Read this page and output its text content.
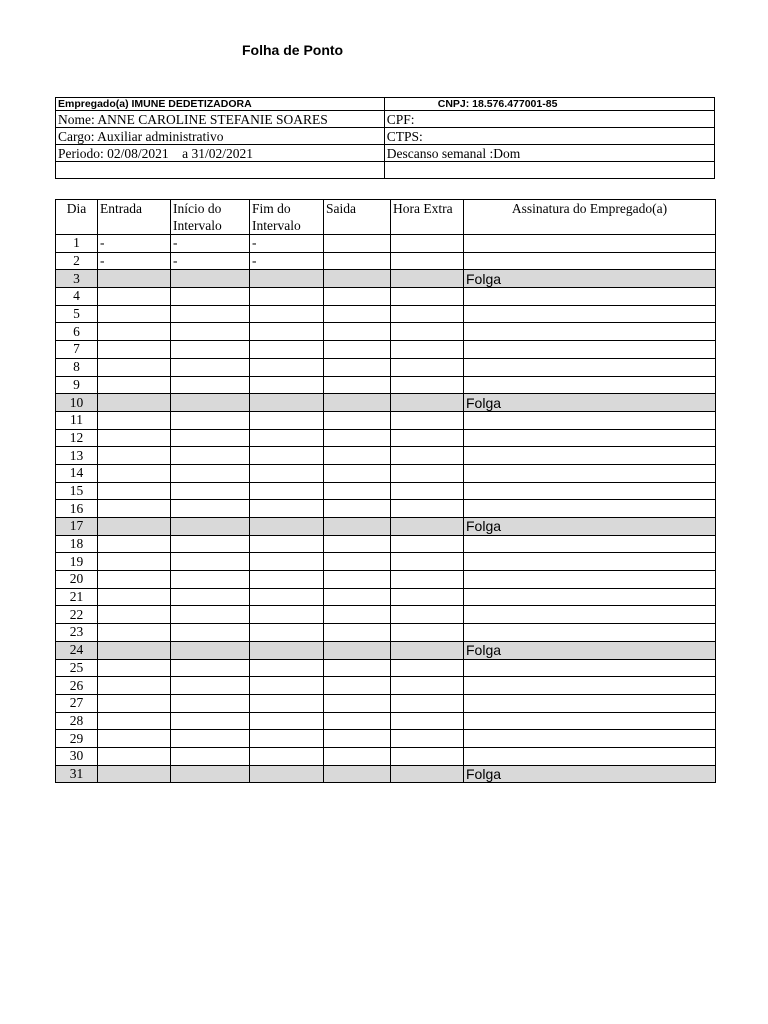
Folha de Ponto
Empregado(a) IMUNE DEDETIZADORA	CNPJ: 18.576.477001-85
Nome: ANNE CAROLINE STEFANIE SOARES	CPF:
Cargo: Auxiliar administrativo	CTPS:
Periodo: 02/08/2021    a 31/02/2021	Descanso semanal :Dom

Dia	Entrada	Início do Intervalo	Fim do Intervalo	Saida	Hora Extra	Assinatura do Empregado(a)
1	-	-	-			
2	-	-	-			
3						Folga
4						
5						
6						
7						
8						
9						
10						Folga
11						
12						
13						
14						
15						
16						
17						Folga
18						
19						
20						
21						
22						
23						
24						Folga
25						
26						
27						
28						
29						
30						
31						Folga
